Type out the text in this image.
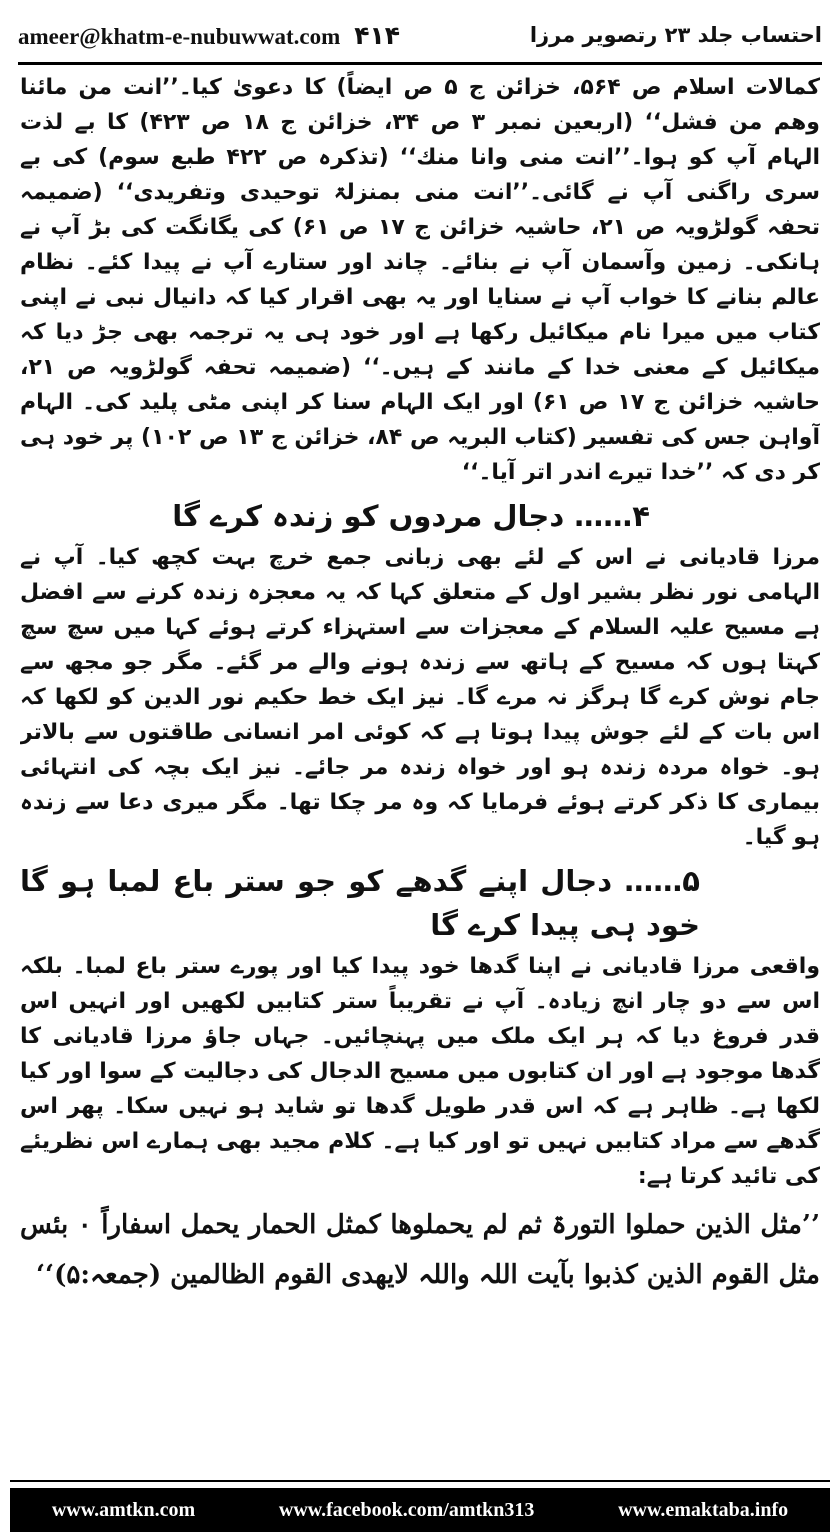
ameer@khatm-e-nubuwwat.com ۴۱۴	احتساب جلد ۲۳ رتصویر مرزا

کمالات اسلام ص ۵۶۴، خزائن ج ۵ ص ایضاً) کا دعویٰ کیا۔’’انت من مائنا وھم من فشل‘‘ (اربعین نمبر ۳ ص ۳۴، خزائن ج ۱۸ ص ۴۲۳) کا بے لذت الہام آپ کو ہوا۔’’انت منی وانا منك‘‘ (تذکرہ ص ۴۲۲ طبع سوم) کی بے سری راگنی آپ نے گائی۔’’انت منی بمنزلۃ توحیدی وتفریدی‘‘ (ضمیمہ تحفہ گولڑویہ ص ۲۱، حاشیہ خزائن ج ۱۷ ص ۶۱) کی یگانگت کی بڑ آپ نے ہانکی۔ زمین وآسمان آپ نے بنائے۔ چاند اور ستارے آپ نے پیدا کئے۔ نظام عالم بنانے کا خواب آپ نے سنایا اور یہ بھی اقرار کیا کہ دانیال نبی نے اپنی کتاب میں میرا نام میکائیل رکھا ہے اور خود ہی یہ ترجمہ بھی جڑ دیا کہ میکائیل کے معنی خدا کے مانند کے ہیں۔‘‘ (ضمیمہ تحفہ گولڑویہ ص ۲۱، حاشیہ خزائن ج ۱۷ ص ۶۱) اور ایک الہام سنا کر اپنی مٹی پلید کی۔ الہام آواہن جس کی تفسیر (کتاب البریہ ص ۸۴، خزائن ج ۱۳ ص ۱۰۲) پر خود ہی کر دی کہ ’’خدا تیرے اندر اتر آیا۔‘‘

۴…… دجال مردوں کو زندہ کرے گا

مرزا قادیانی نے اس کے لئے بھی زبانی جمع خرچ بہت کچھ کیا۔ آپ نے الہامی نور نظر بشیر اول کے متعلق کہا کہ یہ معجزہ زندہ کرنے سے افضل ہے مسیح علیہ السلام کے معجزات سے استہزاء کرتے ہوئے کہا میں سچ سچ کہتا ہوں کہ مسیح کے ہاتھ سے زندہ ہونے والے مر گئے۔ مگر جو مجھ سے جام نوش کرے گا ہرگز نہ مرے گا۔ نیز ایک خط حکیم نور الدین کو لکھا کہ اس بات کے لئے جوش پیدا ہوتا ہے کہ کوئی امر انسانی طاقتوں سے بالاتر ہو۔ خواہ مردہ زندہ ہو اور خواہ زندہ مر جائے۔ نیز ایک بچہ کی انتہائی بیماری کا ذکر کرتے ہوئے فرمایا کہ وہ مر چکا تھا۔ مگر میری دعا سے زندہ ہو گیا۔

۵…… دجال اپنے گدھے کو جو ستر باع لمبا ہو گا خود ہی پیدا کرے گا

واقعی مرزا قادیانی نے اپنا گدھا خود پیدا کیا اور پورے ستر باع لمبا۔ بلکہ اس سے دو چار انچ زیادہ۔ آپ نے تقریباً ستر کتابیں لکھیں اور انہیں اس قدر فروغ دیا کہ ہر ایک ملک میں پہنچائیں۔ جہاں جاؤ مرزا قادیانی کا گدھا موجود ہے اور ان کتابوں میں مسیح الدجال کی دجالیت کے سوا اور کیا لکھا ہے۔ ظاہر ہے کہ اس قدر طویل گدھا تو شاید ہو نہیں سکا۔ پھر اس گدھے سے مراد کتابیں نہیں تو اور کیا ہے۔ کلام مجید بھی ہمارے اس نظریئے کی تائید کرتا ہے:

’’مثل الذین حملوا التورۃ ثم لم یحملوھا کمثل الحمار یحمل اسفاراً ۰ بئس مثل القوم الذین کذبوا بآیت اللہ واللہ لایھدی القوم الظالمین (جمعہ:۵)‘‘

www.amtkn.com	www.facebook.com/amtkn313	www.emaktaba.info
